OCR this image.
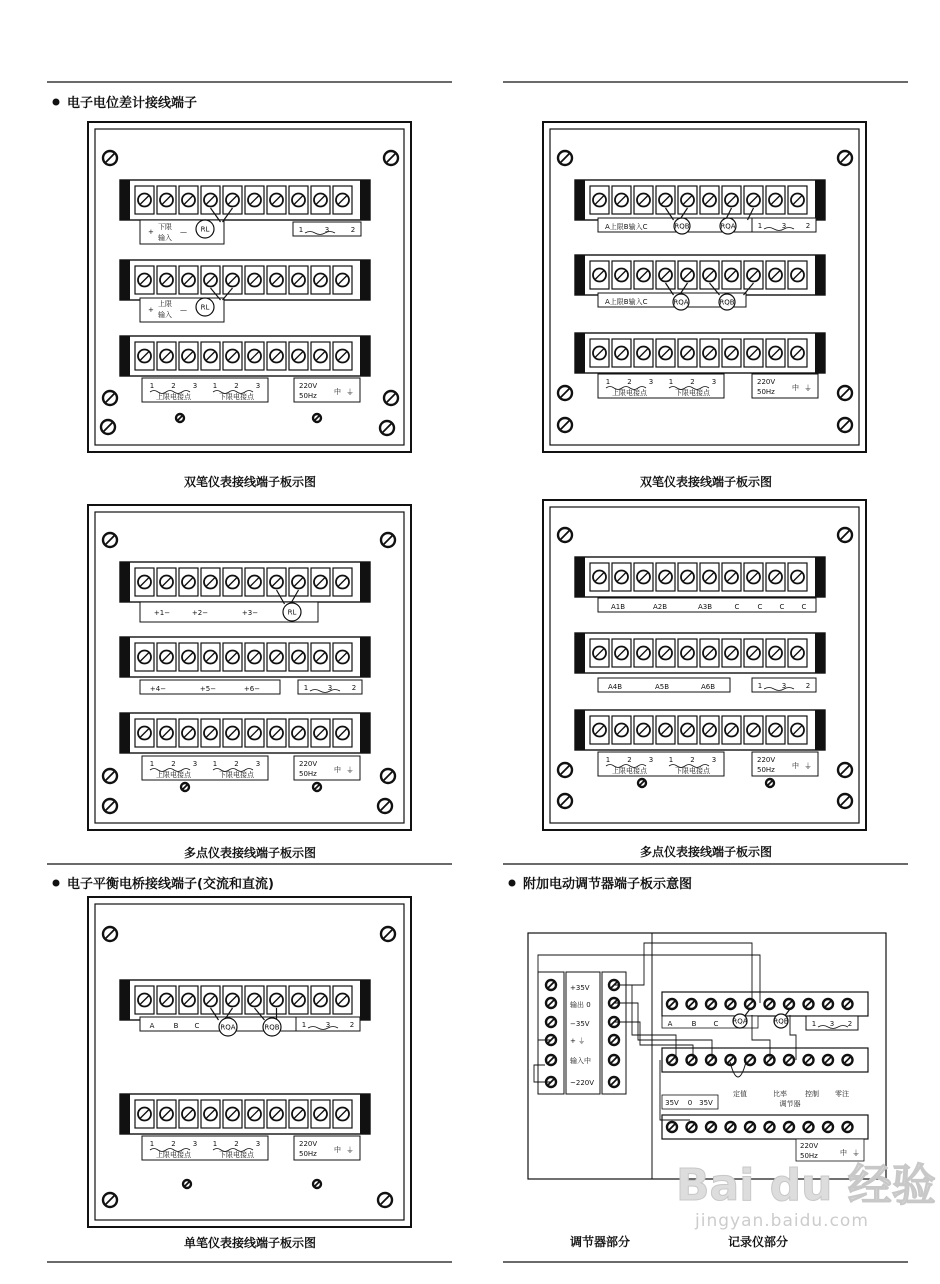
电子电位差计接线端子
电子平衡电桥接线端子(交流和直流)	附加电动调节器端子板示意图
+
下限
输入
— RL	1	3	2
+
上限
输入
— RL
1 2 3
上限电接点
1 2 3
下限电接点
220V
50Hz 中 ⏚
双笔仪表接线端子板示图
A上限B输入C	1	3	2
RQB	RQA
A上限B输入C	RQA	RQB
1 2 3
上限电接点
1 2 3
下限电接点
220V
50Hz 中 ⏚
双笔仪表接线端子板示图
+1−	+2−	+3−	RL
+4−	+5−	+6−	1	3	2
1 2 3
上限电接点
1 2 3
下限电接点
220V
50Hz 中 ⏚
多点仪表接线端子板示图
A1B	A2B	A3B	C	C C C
A4B	A5B	A6B	1	3	2
1 2 3
上限电接点
1 2 3
下限电接点
220V
50Hz 中 ⏚
多点仪表接线端子板示图
A	B C	RQA	RQB	1	3	2
1 2 3
上限电接点
1 2 3
下限电接点
220V
50Hz 中 ⏚
单笔仪表接线端子板示图
+35V
输出 0
−35V
+ ⏚
输入中
~220V
A	B C
定值	比率	控制 零注
调节器
35V 0 35V
220V
50Hz	中 ⏚
RQA	RQB	1 3 2
调节器部分	记录仪部分
Bai du 经验
jingyan.baidu.com
